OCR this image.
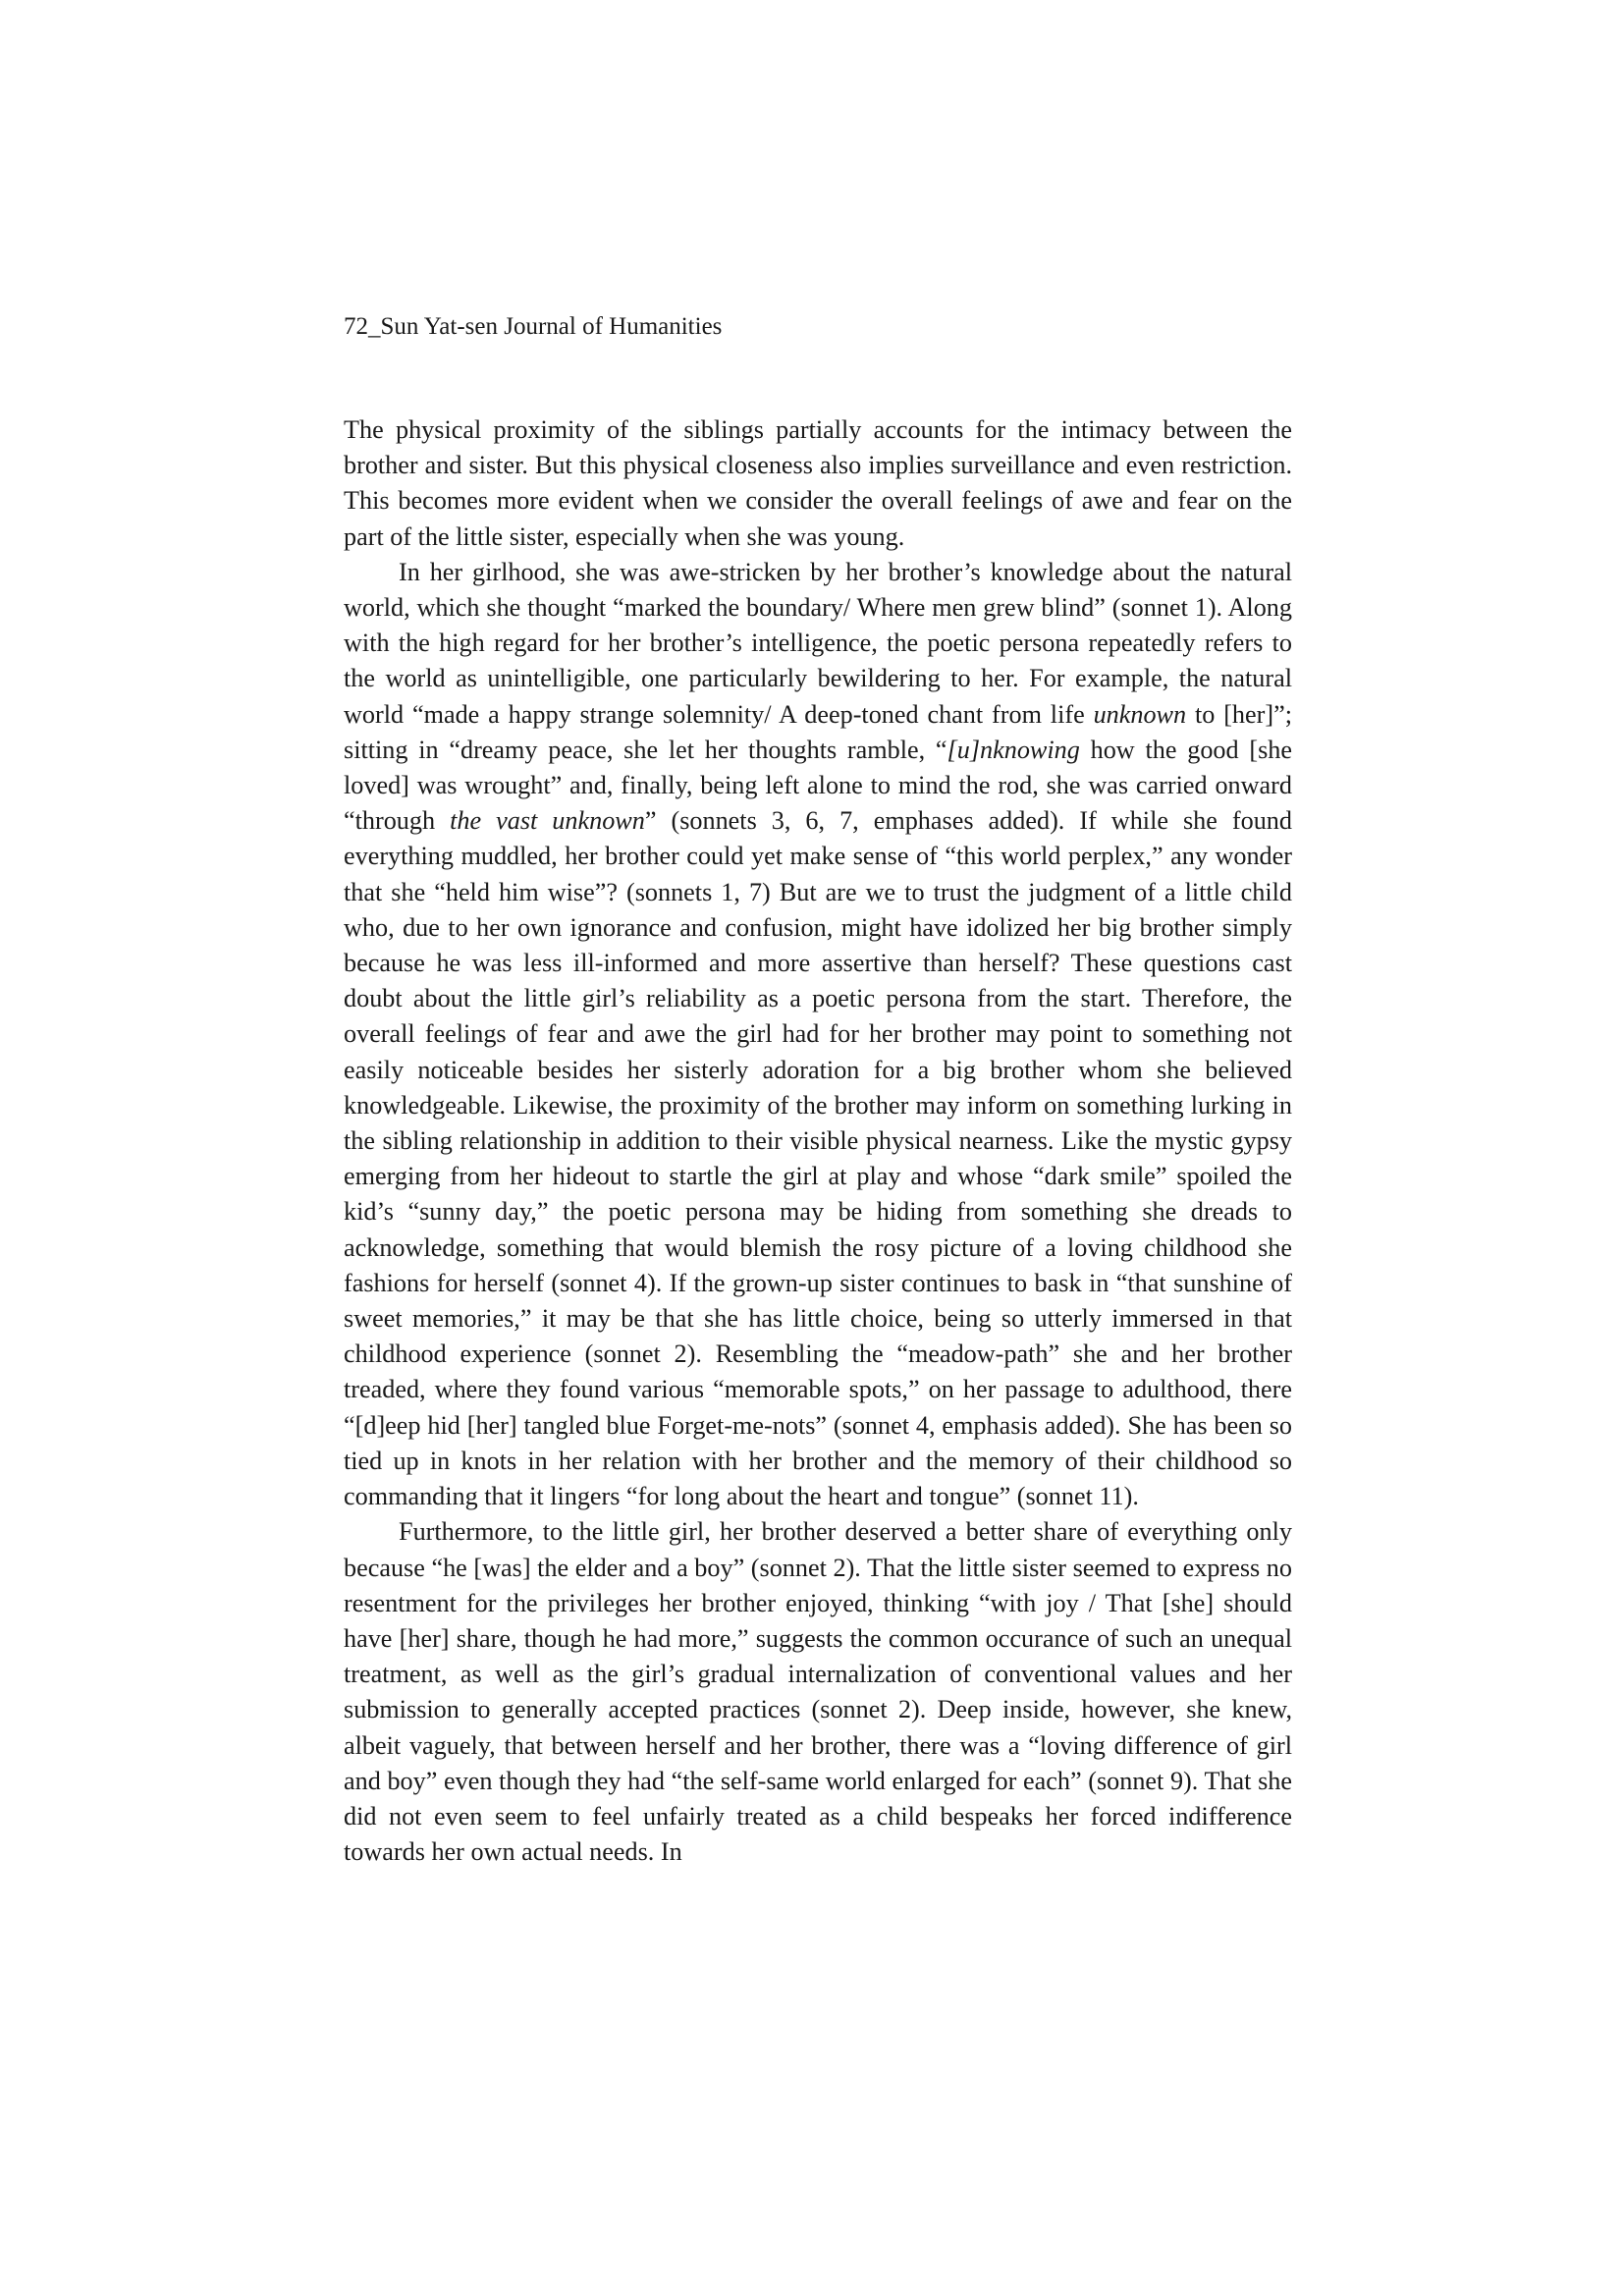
72_Sun Yat-sen Journal of Humanities

The physical proximity of the siblings partially accounts for the intimacy between the brother and sister. But this physical closeness also implies surveillance and even restriction. This becomes more evident when we consider the overall feelings of awe and fear on the part of the little sister, especially when she was young.

In her girlhood, she was awe-stricken by her brother’s knowledge about the natural world, which she thought “marked the boundary/ Where men grew blind” (sonnet 1). Along with the high regard for her brother’s intelligence, the poetic persona repeatedly refers to the world as unintelligible, one particularly bewildering to her. For example, the natural world “made a happy strange solemnity/ A deep-toned chant from life unknown to [her]”; sitting in “dreamy peace, she let her thoughts ramble, “[u]nknowing how the good [she loved] was wrought” and, finally, being left alone to mind the rod, she was carried onward “through the vast unknown” (sonnets 3, 6, 7, emphases added). If while she found everything muddled, her brother could yet make sense of “this world perplex,” any wonder that she “held him wise”? (sonnets 1, 7) But are we to trust the judgment of a little child who, due to her own ignorance and confusion, might have idolized her big brother simply because he was less ill-informed and more assertive than herself? These questions cast doubt about the little girl’s reliability as a poetic persona from the start. Therefore, the overall feelings of fear and awe the girl had for her brother may point to something not easily noticeable besides her sisterly adoration for a big brother whom she believed knowledgeable. Likewise, the proximity of the brother may inform on something lurking in the sibling relationship in addition to their visible physical nearness. Like the mystic gypsy emerging from her hideout to startle the girl at play and whose “dark smile” spoiled the kid’s “sunny day,” the poetic persona may be hiding from something she dreads to acknowledge, something that would blemish the rosy picture of a loving childhood she fashions for herself (sonnet 4). If the grown-up sister continues to bask in “that sunshine of sweet memories,” it may be that she has little choice, being so utterly immersed in that childhood experience (sonnet 2). Resembling the “meadow-path” she and her brother treaded, where they found various “memorable spots,” on her passage to adulthood, there “[d]eep hid [her] tangled blue Forget-me-nots” (sonnet 4, emphasis added). She has been so tied up in knots in her relation with her brother and the memory of their childhood so commanding that it lingers “for long about the heart and tongue” (sonnet 11).

Furthermore, to the little girl, her brother deserved a better share of everything only because “he [was] the elder and a boy” (sonnet 2). That the little sister seemed to express no resentment for the privileges her brother enjoyed, thinking “with joy / That [she] should have [her] share, though he had more,” suggests the common occurance of such an unequal treatment, as well as the girl’s gradual internalization of conventional values and her submission to generally accepted practices (sonnet 2). Deep inside, however, she knew, albeit vaguely, that between herself and her brother, there was a “loving difference of girl and boy” even though they had “the self-same world enlarged for each” (sonnet 9). That she did not even seem to feel unfairly treated as a child bespeaks her forced indifference towards her own actual needs. In
